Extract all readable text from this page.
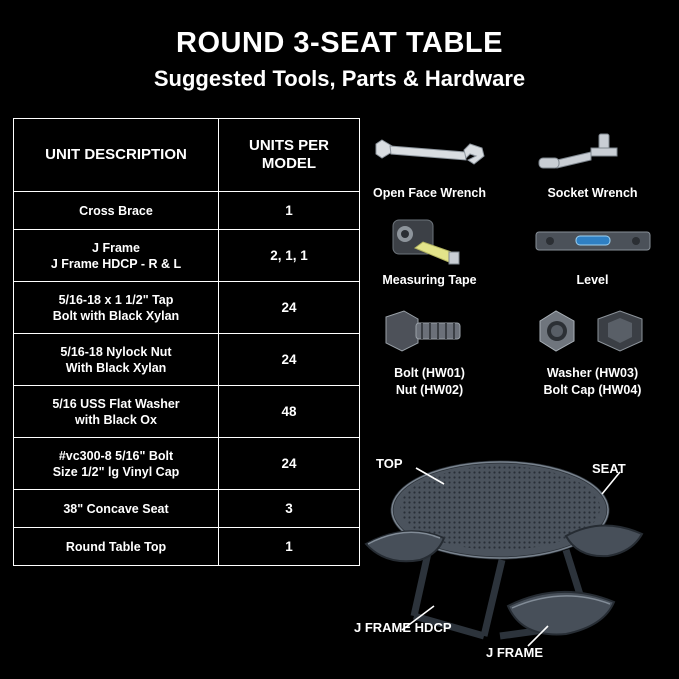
ROUND 3-SEAT TABLE
Suggested Tools, Parts & Hardware
UNIT DESCRIPTION	UNITS PER MODEL
Cross Brace	1

J Frame
J Frame HDCP - R & L	2, 1, 1

5/16-18 x 1 1/2" Tap
Bolt with Black Xylan	24

5/16-18 Nylock Nut
With Black Xylan	24

5/16 USS Flat Washer
with Black Ox	48

#vc300-8 5/16" Bolt
Size 1/2" lg Vinyl Cap	24
38" Concave Seat	3
Round Table Top	1
Open Face Wrench	Socket Wrench
Measuring Tape	Level
Bolt (HW01)
Nut (HW02)
Washer (HW03)
Bolt Cap (HW04)
TOP	SEAT
J FRAME HDCP
J FRAME
